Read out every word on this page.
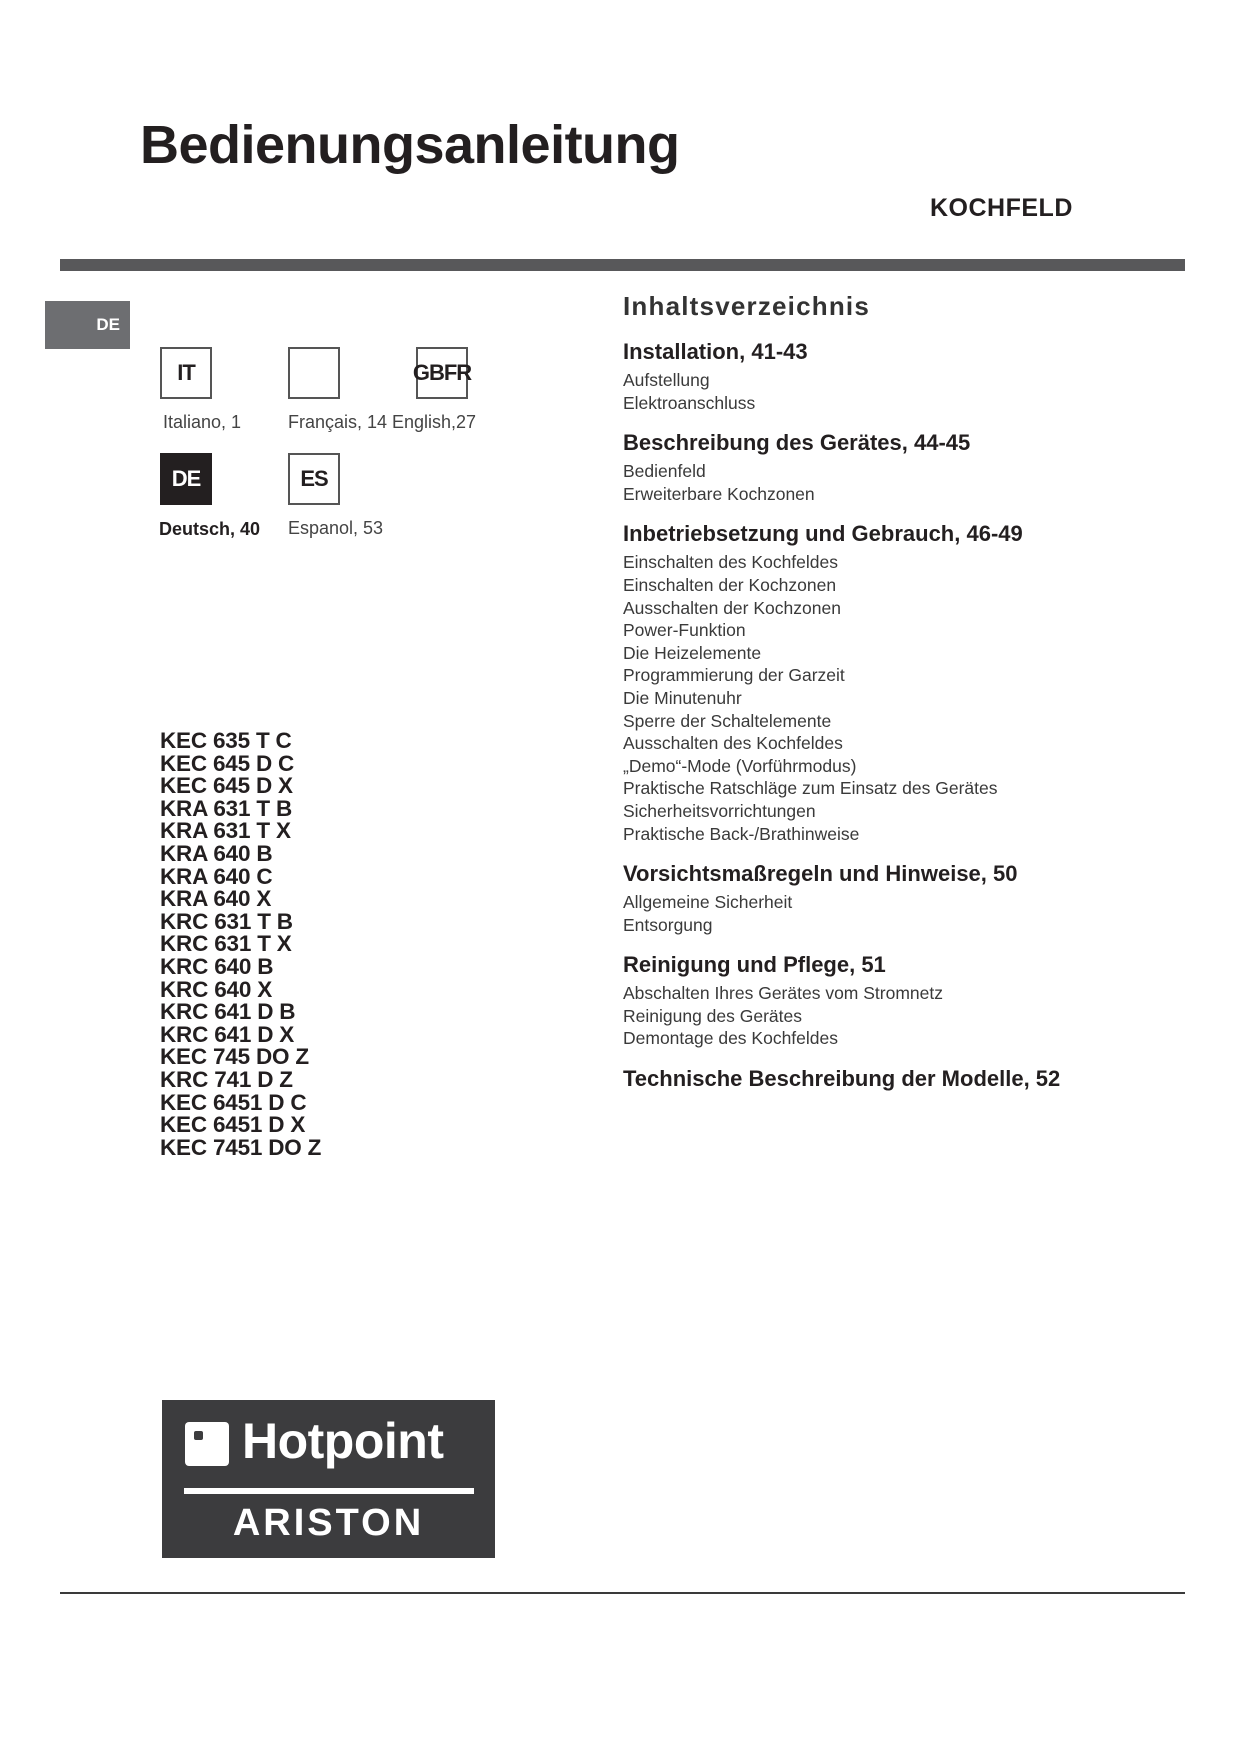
Bedienungsanleitung
KOCHFELD
DE
IT	GBFR
Italiano, 1	Français, 14 English,27
DE	ES
Deutsch, 40 Espanol, 53
KEC 635 T C
KEC 645 D C
KEC 645 D X
KRA 631 T B
KRA 631 T X
KRA 640 B
KRA 640 C
KRA 640 X
KRC 631 T B
KRC 631 T X
KRC 640 B
KRC 640 X
KRC 641 D B
KRC 641 D X
KEC 745 DO Z
KRC 741 D Z
KEC 6451 D C
KEC 6451 D X
KEC 7451 DO Z
Inhaltsverzeichnis
Installation, 41-43
Aufstellung
Elektroanschluss
Beschreibung des Gerätes, 44-45
Bedienfeld
Erweiterbare Kochzonen
Inbetriebsetzung und Gebrauch, 46-49
Einschalten des Kochfeldes
Einschalten der Kochzonen
Ausschalten der Kochzonen
Power-Funktion
Die Heizelemente
Programmierung der Garzeit
Die Minutenuhr
Sperre der Schaltelemente
Ausschalten des Kochfeldes
„Demo“-Mode (Vorführmodus)
Praktische Ratschläge zum Einsatz des Gerätes
Sicherheitsvorrichtungen
Praktische Back-/Brathinweise
Vorsichtsmaßregeln und Hinweise, 50
Allgemeine Sicherheit
Entsorgung
Reinigung und Pflege, 51
Abschalten Ihres Gerätes vom Stromnetz
Reinigung des Gerätes
Demontage des Kochfeldes
Technische Beschreibung der Modelle, 52
Hotpoint
ARISTON
